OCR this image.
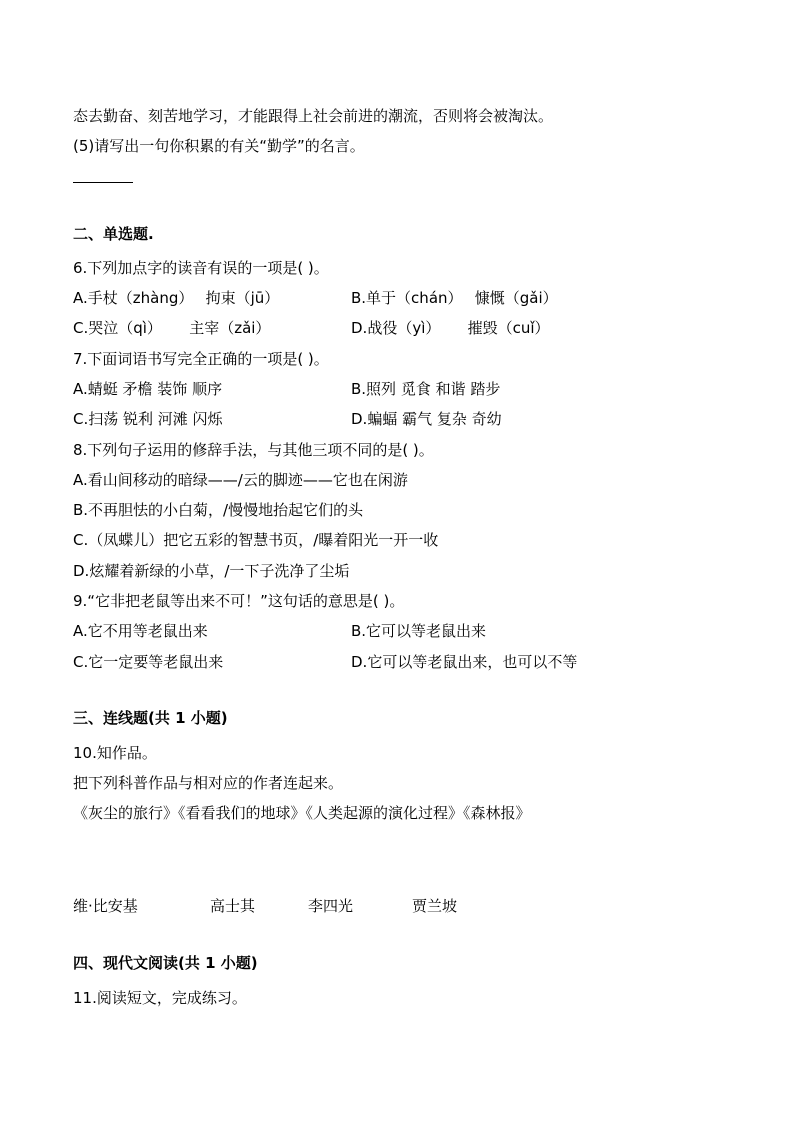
态去勤奋、刻苦地学习，才能跟得上社会前进的潮流，否则将会被淘汰。
(5)请写出一句你积累的有关“勤学”的名言。
二、单选题.
6.下列加点字的读音有误的一项是( )。
A.手杖（zhàng）　 拘束（jū）	B.单于（chán）　 慷慨（gǎi）
C.哭泣（qì）　　 主宰（zǎi）	D.战役（yì）　　 摧毁（cuǐ）
7.下面词语书写完全正确的一项是( )。
A.蜻蜓 矛檐 装饰 顺序	B.照列 觅食 和谐 踏步
C.扫荡 锐利 河滩 闪烁	D.蝙蝠 霸气 复杂 奇幼
8.下列句子运用的修辞手法，与其他三项不同的是( )。
A.看山间移动的暗绿——/云的脚迹——它也在闲游
B.不再胆怯的小白菊，/慢慢地抬起它们的头
C.（凤蝶儿）把它五彩的智慧书页，/曝着阳光一开一收
D.炫耀着新绿的小草，/一下子洗净了尘垢
9.“它非把老鼠等出来不可！”这句话的意思是( )。
A.它不用等老鼠出来	B.它可以等老鼠出来
C.它一定要等老鼠出来	D.它可以等老鼠出来，也可以不等
三、连线题(共 1 小题)
10.知作品。
把下列科普作品与相对应的作者连起来。
《灰尘的旅行》《看看我们的地球》《人类起源的演化过程》《森林报》
维·比安基	高士其	李四光	贾兰坡
四、现代文阅读(共 1 小题)
11.阅读短文，完成练习。
